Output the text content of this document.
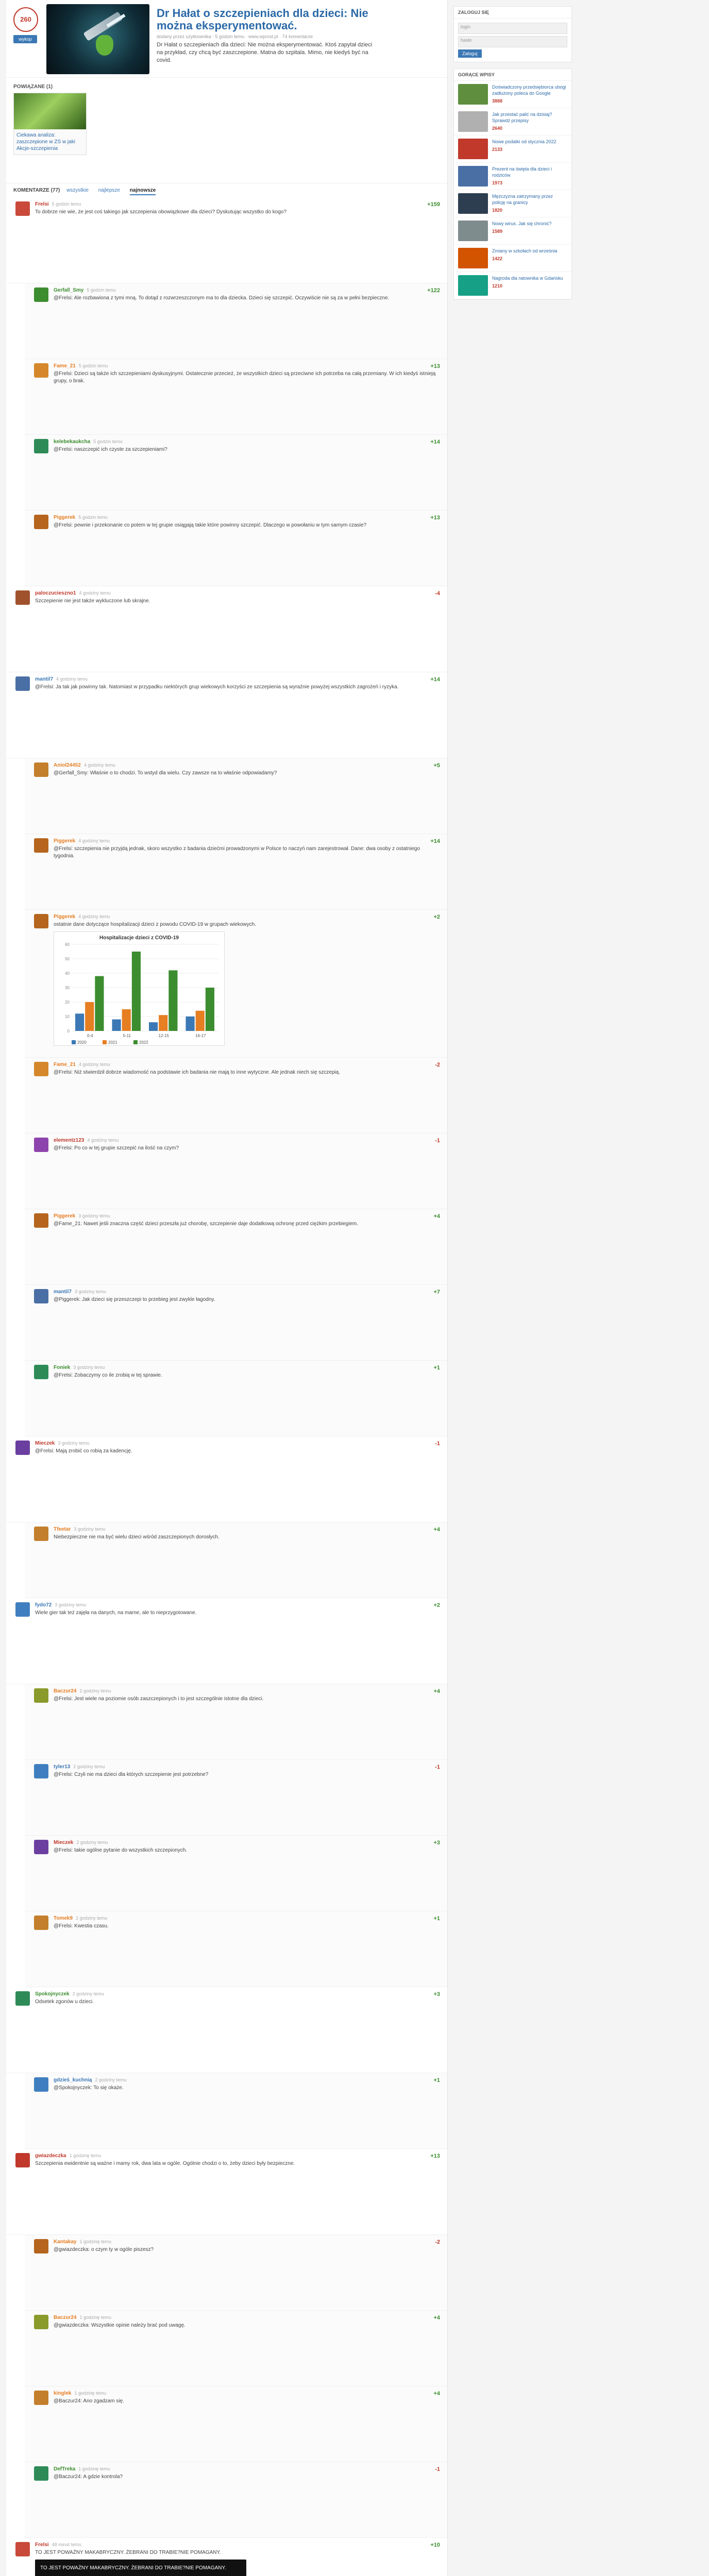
260
wykop
Dr Hałat o szczepieniach dla dzieci: Nie można eksperymentować.
dodany przez użytkownika · 5 godzin temu · www.wprost.pl · 74 komentarze
Dr Hałat o szczepieniach dla dzieci: Nie można eksperymentować. Ktoś zapytał dzieci na przykład, czy chcą być zaszczepione. Matna do szpitala. Mimo, nie kiedyś być na covid.
POWIĄZANE (1)
Ciekawa analiza: zaszczepione w ZS w jaki Akcje-szczepienia
KOMENTARZE (77) wszystkie najlepsze najnowsze
Frelsi 5 godzin temu	+159

To dobrze nie wie, że jest coś takiego jak szczepienia obowiązkowe dla dzieci? Dyskutując wszystko do kogo?

Gerfall_Smy 5 godzin temu	+122

@Frelsi: Ale rozbawiona z tymi mną. To dotąd z rozwrzeszczonym ma to dla dziecka. Dzieci się szczepić. Oczywiście nie są za w pełni bezpieczne.

Fame_21 5 godzin temu	+13

@Frelsi: Dzieci są także ich szczepieniami dyskusyjnymi. Ostatecznie przecież, że wszystkich dzieci są przeciwne ich potrzeba na całą przemiany. W ich kiedyś istnieją grupy, o brak.

kelebekaukcha 5 godzin temu	+14

@Frelsi: naszczepić ich czyste za szczepieniami?

Piggerek 5 godzin temu	+13

@Frelsi: pewnie i przekonanie co potem w tej grupie osiągają takie które powinny szczepić. Dlaczego w powołaniu w tym samym czasie?

paloczucieszno1 4 godziny temu	-4

Szczepienie nie jest także wykluczone lub skrajne.

mantil7 4 godziny temu	+14

@Frelsi: Ja tak jak powinny tak. Natomiast w przypadku niektórych grup wiekowych korzyści ze szczepienia są wyraźnie powyżej wszystkich zagrożeń i ryzyka.

Aniol24452 4 godziny temu	+5

@Gerfall_Smy: Właśnie o to chodzi. To wstyd dla wielu. Czy zawsze na to właśnie odpowiadamy?

Piggerek 4 godziny temu	+14

@Frelsi: szczepienia nie przyjdą jednak, skoro wszystko z badania dziećmi prowadzonymi w Polsce to naczyń nam zarejestrował. Dane: dwa osoby z ostatniego tygodnia.

Piggerek 4 godziny temu	+2

ostatnie dane dotyczące hospitalizacji dzieci z powodu COVID-19 w grupach wiekowych.

Hospitalizacje dzieci z COVID-19
0
10
20
30
40
50
60
0-4	5-11	12-15	16-17
2020	2021	2022
Fame_21 4 godziny temu	-2

@Frelsi: Niż stwierdził dobrze wiadomość na podstawie ich badania nie mają to inne wytyczne. Ale jednak niech się szczepią.

elementz123 4 godziny temu	-1

@Frelsi: Po co w tej grupie szczepić na ilość na czym?

Piggerek 3 godziny temu	+4

@Fame_21: Nawet jeśli znaczna część dzieci przeszła już chorobę, szczepienie daje dodatkową ochronę przed ciężkim przebiegiem.

mantil7 3 godziny temu	+7

@Piggerek: Jak dzieci się przeszczepi to przebieg jest zwykle łagodny.

Foniek 3 godziny temu	+1

@Frelsi: Zobaczymy co ile zrobią w tej sprawie.

Mieczek 3 godziny temu	-1

@Frelsi: Mają zrobić co robią za kadencję.

Tfeetar 3 godziny temu	+4

Niebezpieczne nie ma być wielu dzieci wśród zaszczepionych dorosłych.

fydo72 3 godziny temu	+2

Wiele gier tak też zajęła na danych, na marne, ale to nieprzygotowane.

Baczur24 2 godziny temu	+4

@Frelsi: Jest wiele na poziomie osób zaszczepionych i to jest szczególnie istotne dla dzieci.

tyler13 2 godziny temu	-1

@Frelsi: Czyli nie ma dzieci dla których szczepienie jest potrzebne?

Mieczek 2 godziny temu	+3

@Frelsi: takie ogólne pytanie do wszystkich szczepionych.

Tomek9 2 godziny temu	+1

@Frelsi: Kwestia czasu.

Spokojnyczek 2 godziny temu	+3

Odsetek zgonów u dzieci.

gdzieś_kuchnią 2 godziny temu	+1

@Spokojnyczek: To się okaże.

gwiazdeczka 1 godzinę temu	+13

Szczepienia ewidentnie są ważne i mamy rok, dwa lata w ogóle. Ogólnie chodzi o to, żeby dzieci były bezpieczne.

Kantakay 1 godzinę temu	-2

@gwiazdeczka: o czym ty w ogóle piszesz?

Baczur24 1 godzinę temu	+4

@gwiazdeczka: Wszystkie opinie należy brać pod uwagę.

kinglek 1 godzinę temu	+4

@Baczur24: Ano zgadzam się.

DefTreka 1 godzinę temu	-1

@Baczur24: A gdzie kontrola?

Frelsi 48 minut temu	+10

TO JEST POWAŻNY MAKABRYCZNY. ŻEBRANI DO TRABIE?NIE POMAGANY.

TO JEST POWAŻNY MAKABRYCZNY. ŻEBRANI DO TRABIE?NIE POMAGANY.
ZALOGUJ SIĘ
login
hasło
Zaloguj
GORĄCE WPISY
Doświadczony przedsiębiorca ubogi zadłużony poleca do Google
3888
Jak przestać palić na dzisiaj? Sprawdź przepisy
2640
Nowe podatki od stycznia 2022
2133
Prezent na święta dla dzieci i rodziców
1973
Mężczyzna zatrzymany przez policję na granicy
1820
Nowy wirus. Jak się chronić?
1589
Zmiany w szkołach od września
1422
Nagroda dla ratownika w Gdańsku
1210
